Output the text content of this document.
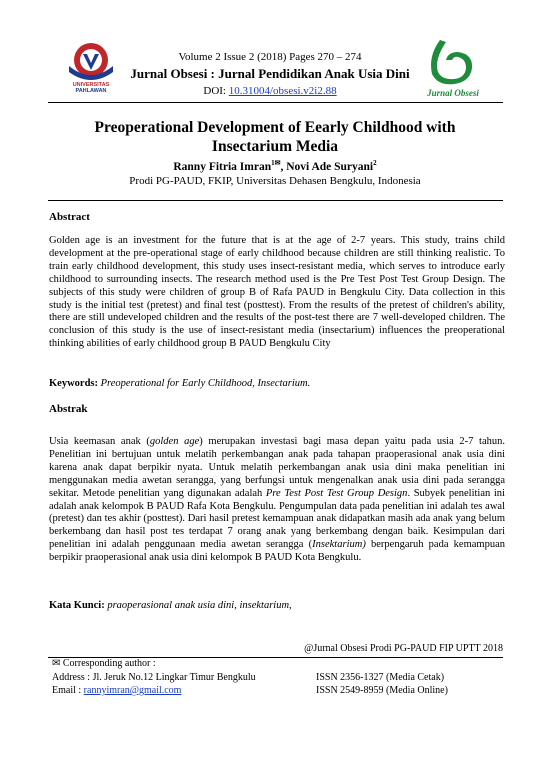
UNIVERSITAS
PAHLAWAN	Jurnal Obsesi
Volume 2 Issue 2 (2018) Pages 270 – 274
Jurnal Obsesi : Jurnal Pendidikan Anak Usia Dini
DOI: 10.31004/obsesi.v2i2.88
Preoperational Development of Eearly Childhood with
Insectarium Media
Ranny Fitria Imran$^{1✉}$, Novi Ade Suryani$^2$
Prodi PG-PAUD, FKIP, Universitas Dehasen Bengkulu, Indonesia
Abstract
Golden age is an investment for the future that is at the age of 2-7 years. This study, trains child development at the pre-operational stage of early childhood because children are still thinking realistic. To train early childhood development, this study uses insect-resistant media, which serves to introduce early childhood to surrounding insects. The research method used is the Pre Test Post Test Group Design. The subjects of this study were children of group B of Rafa PAUD in Bengkulu City. Data collection in this study is the initial test (pretest) and final test (posttest). From the results of the pretest of children's ability, there are still undeveloped children and the results of the post-test there are 7 well-developed children. The conclusion of this study is the use of insect-resistant media (insectarium) influences the preoperational thinking abilities of early childhood group B PAUD Bengkulu City
Keywords: Preoperational for Early Childhood, Insectarium.
Abstrak
Usia keemasan anak (golden age) merupakan investasi bagi masa depan yaitu pada usia 2-7 tahun. Penelitian ini bertujuan untuk melatih perkembangan anak pada tahapan praoperasional anak usia dini karena anak dapat berpikir nyata. Untuk melatih perkembangan anak usia dini maka penelitian ini menggunakan media awetan serangga, yang berfungsi untuk mengenalkan anak usia dini pada serangga sekitar. Metode penelitian yang digunakan adalah Pre Test Post Test Group Design. Subyek penelitian ini adalah anak kelompok B PAUD Rafa Kota Bengkulu. Pengumpulan data pada penelitian ini adalah tes awal (pretest) dan tes akhir (posttest). Dari hasil pretest kemampuan anak didapatkan masih ada anak yang belum berkembang dan hasil post tes terdapat 7 orang anak yang berkembang dengan baik. Kesimpulan dari penelitian ini adalah penggunaan media awetan serangga (Insektarium) berpengaruh pada kemampuan berpikir praoperasional anak usia dini kelompok B PAUD Kota Bengkulu.
Kata Kunci: praoperasional anak usia dini, insektarium,
@Jurnal Obsesi Prodi PG-PAUD FIP UPTT 2018
✉ Corresponding author :
Address : Jl. Jeruk No.12 Lingkar Timur Bengkulu
Email : rannyimran@gmail.com
ISSN 2356-1327 (Media Cetak)
ISSN 2549-8959 (Media Online)
